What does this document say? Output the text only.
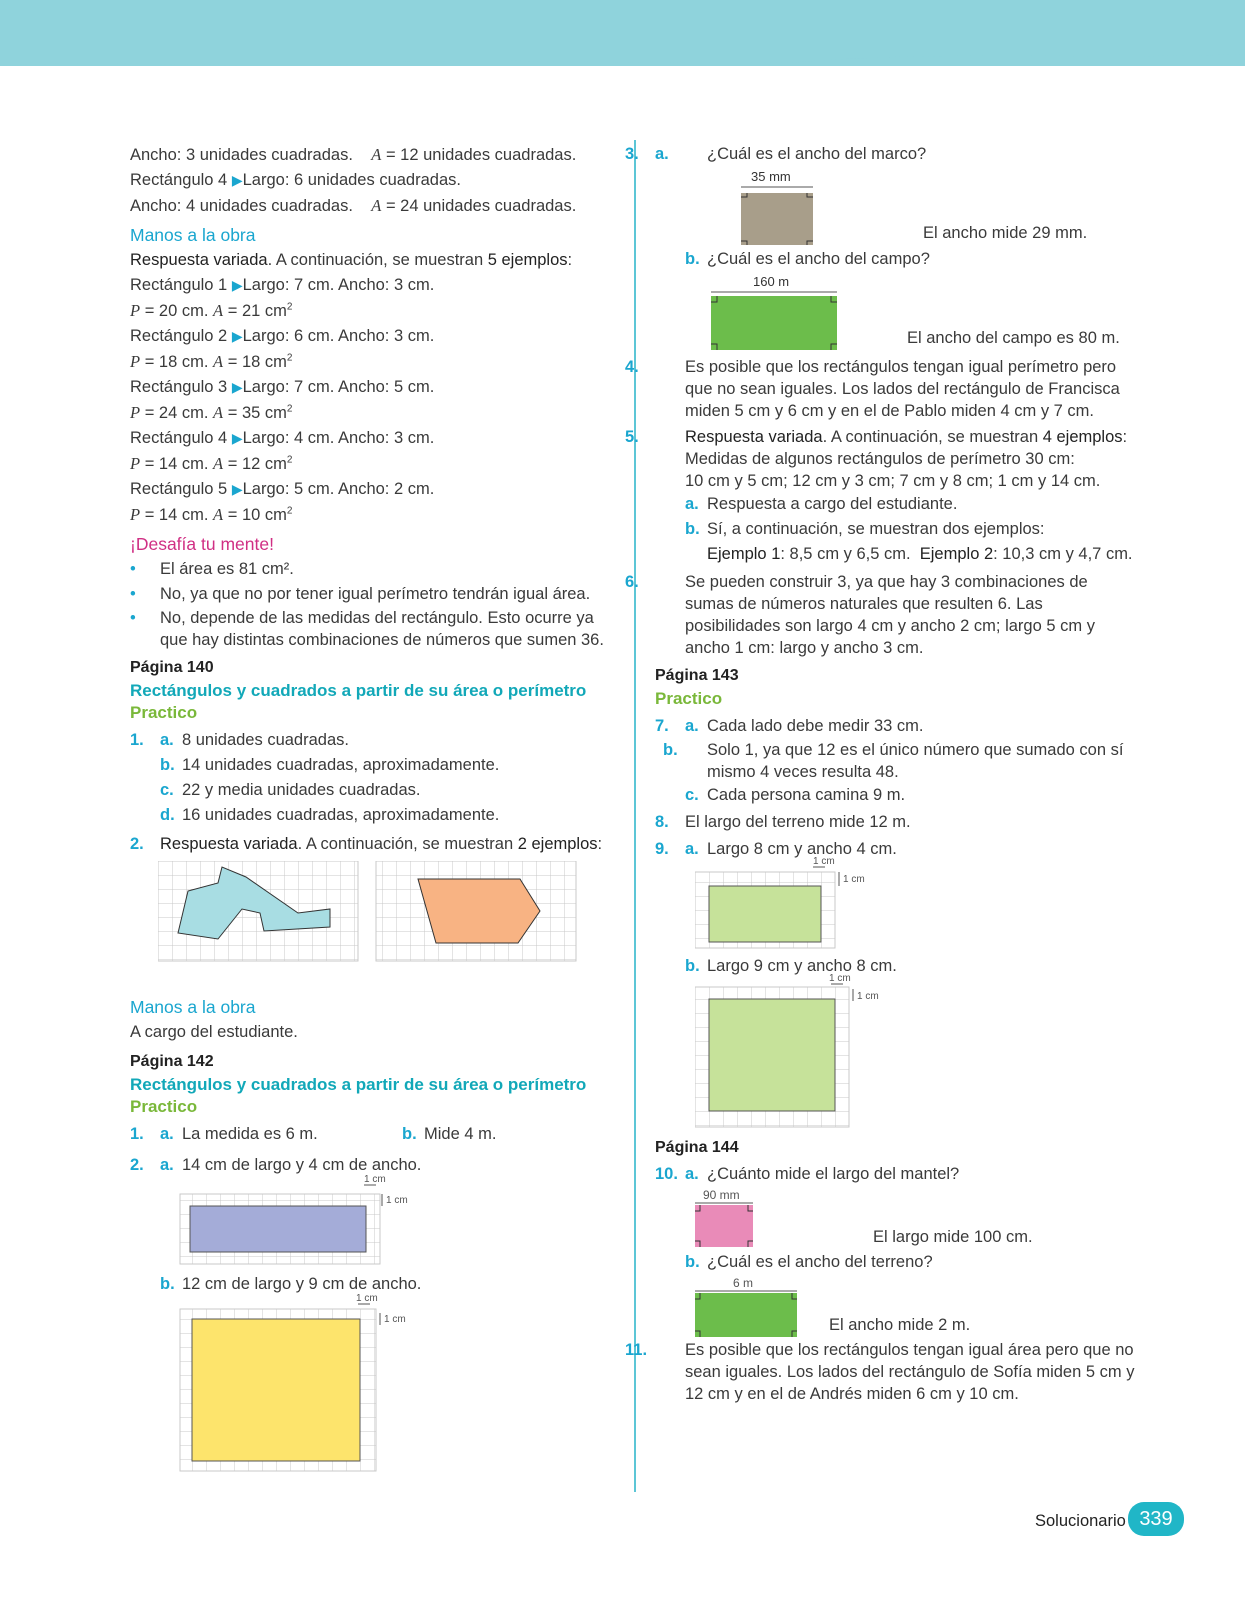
Ancho: 3 unidades cuadradas. A = 12 unidades cuadradas.

Rectángulo 4 ▶Largo: 6 unidades cuadradas.

Ancho: 4 unidades cuadradas. A = 24 unidades cuadradas.

Manos a la obra

Respuesta variada. A continuación, se muestran 5 ejemplos:

Rectángulo 1 ▶Largo: 7 cm. Ancho: 3 cm.

P = 20 cm. A = 21 $cm^2$

Rectángulo 2 ▶Largo: 6 cm. Ancho: 3 cm.

P = 18 cm. A = 18 $cm^2$

Rectángulo 3 ▶Largo: 7 cm. Ancho: 5 cm.

P = 24 cm. A = 35 $cm^2$

Rectángulo 4 ▶Largo: 4 cm. Ancho: 3 cm.

P = 14 cm. A = 12 $cm^2$

Rectángulo 5 ▶Largo: 5 cm. Ancho: 2 cm.

P = 14 cm. A = 10 $cm^2$

¡Desafía tu mente!

• El área es 81 cm².

• No, ya que no por tener igual perímetro tendrán igual área.

• No, depende de las medidas del rectángulo. Esto ocurre ya que hay distintas combinaciones de números que sumen 36.

Página 140

Rectángulos y cuadrados a partir de su área o perímetro

Practico

1. a. 8 unidades cuadradas.

b. 14 unidades cuadradas, aproximadamente.

c. 22 y media unidades cuadradas.

d. 16 unidades cuadradas, aproximadamente.

2. Respuesta variada. A continuación, se muestran 2 ejemplos:

Manos a la obra

A cargo del estudiante.

Página 142

Rectángulos y cuadrados a partir de su área o perímetro

Practico

1. a. La medida es 6 m.	b. Mide 4 m.

2. a. 14 cm de largo y 4 cm de ancho.

1 cm
1 cm

b. 12 cm de largo y 9 cm de ancho.

1 cm
1 cm

3. a. ¿Cuál es el ancho del marco?

35 mm
El ancho mide 29 mm.

b. ¿Cuál es el ancho del campo?

160 m
El ancho del campo es 80 m.

4.	Es posible que los rectángulos tengan igual perímetro pero que no sean iguales. Los lados del rectángulo de Francisca miden 5 cm y 6 cm y en el de Pablo miden 4 cm y 7 cm.

5.	Respuesta variada. A continuación, se muestran 4 ejemplos:

Medidas de algunos rectángulos de perímetro 30 cm:

10 cm y 5 cm; 12 cm y 3 cm; 7 cm y 8 cm; 1 cm y 14 cm.

a. Respuesta a cargo del estudiante.

b. Sí, a continuación, se muestran dos ejemplos:

Ejemplo 1: 8,5 cm y 6,5 cm. Ejemplo 2: 10,3 cm y 4,7 cm.

6.	Se pueden construir 3, ya que hay 3 combinaciones de sumas de números naturales que resulten 6. Las posibilidades son largo 4 cm y ancho 2 cm; largo 5 cm y ancho 1 cm: largo y ancho 3 cm.

Página 143

Practico

7. a. Cada lado debe medir 33 cm.

b. Solo 1, ya que 12 es el único número que sumado con sí mismo 4 veces resulta 48.

c. Cada persona camina 9 m.

8. El largo del terreno mide 12 m.

9. a. Largo 8 cm y ancho 4 cm.

1 cm
1 cm

b. Largo 9 cm y ancho 8 cm.

1 cm
1 cm

Página 144

10. a. ¿Cuánto mide el largo del mantel?

90 mm
El largo mide 100 cm.

b. ¿Cuál es el ancho del terreno?

6 m
El ancho mide 2 m.

11. Es posible que los rectángulos tengan igual área pero que no sean iguales. Los lados del rectángulo de Sofía miden 5 cm y 12 cm y en el de Andrés miden 6 cm y 10 cm.

Solucionario 339
